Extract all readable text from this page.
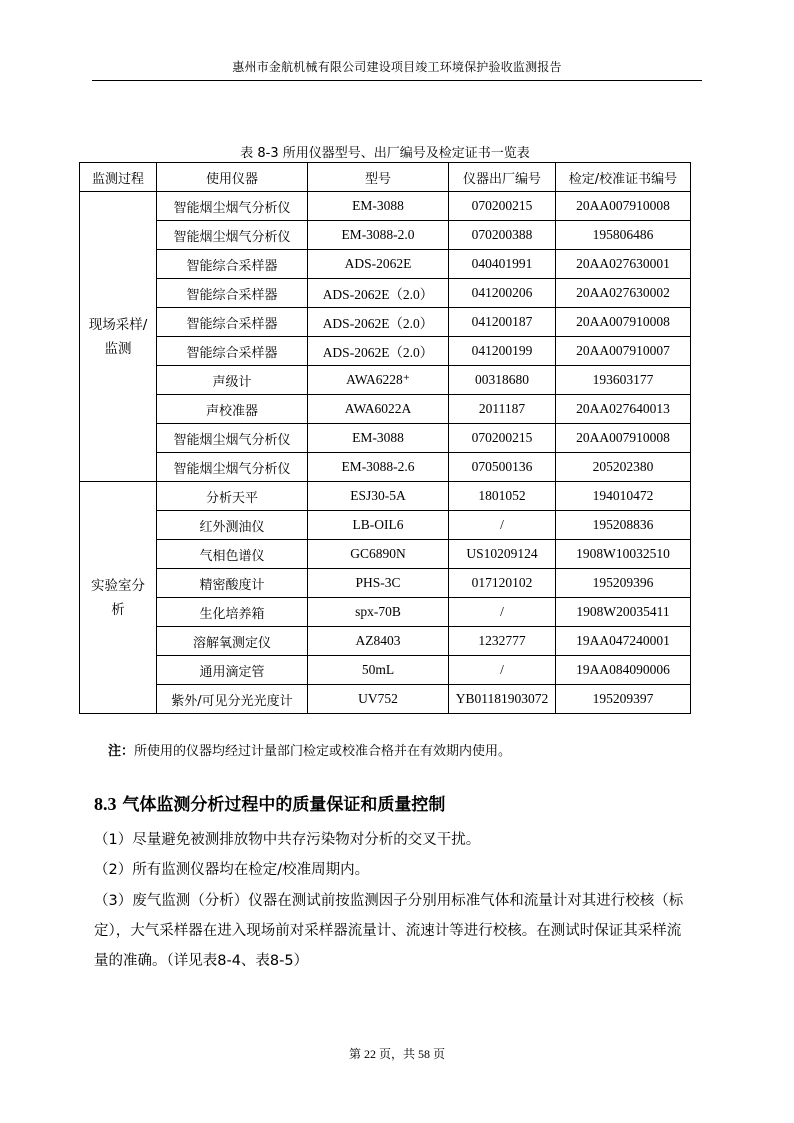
惠州市金航机械有限公司建设项目竣工环境保护验收监测报告
表 8-3 所用仪器型号、出厂编号及检定证书一览表
监测过程	使用仪器	型号	仪器出厂编号	检定/校准证书编号
现场采样/监测	智能烟尘烟气分析仪	EM-3088	070200215	20AA007910008
	智能烟尘烟气分析仪	EM-3088-2.0	070200388	195806486
	智能综合采样器	ADS-2062E	040401991	20AA027630001
	智能综合采样器	ADS-2062E（2.0）	041200206	20AA027630002
	智能综合采样器	ADS-2062E（2.0）	041200187	20AA007910008
	智能综合采样器	ADS-2062E（2.0）	041200199	20AA007910007
	声级计	AWA6228⁺	00318680	193603177
	声校准器	AWA6022A	2011187	20AA027640013
	智能烟尘烟气分析仪	EM-3088	070200215	20AA007910008
	智能烟尘烟气分析仪	EM-3088-2.6	070500136	205202380
实验室分析	分析天平	ESJ30-5A	1801052	194010472
	红外测油仪	LB-OIL6	/	195208836
	气相色谱仪	GC6890N	US10209124	1908W10032510
	精密酸度计	PHS-3C	017120102	195209396
	生化培养箱	spx-70B	/	1908W20035411
	溶解氧测定仪	AZ8403	1232777	19AA047240001
	通用滴定管	50mL	/	19AA084090006
	紫外/可见分光光度计	UV752	YB01181903072	195209397
注：所使用的仪器均经过计量部门检定或校准合格并在有效期内使用。
8.3 气体监测分析过程中的质量保证和质量控制
（1）尽量避免被测排放物中共存污染物对分析的交叉干扰。
（2）所有监测仪器均在检定/校准周期内。
（3）废气监测（分析）仪器在测试前按监测因子分别用标准气体和流量计对其进行校核（标定），大气采样器在进入现场前对采样器流量计、流速计等进行校核。在测试时保证其采样流量的准确。（详见表8-4、表8-5）
第 22 页，共 58 页
